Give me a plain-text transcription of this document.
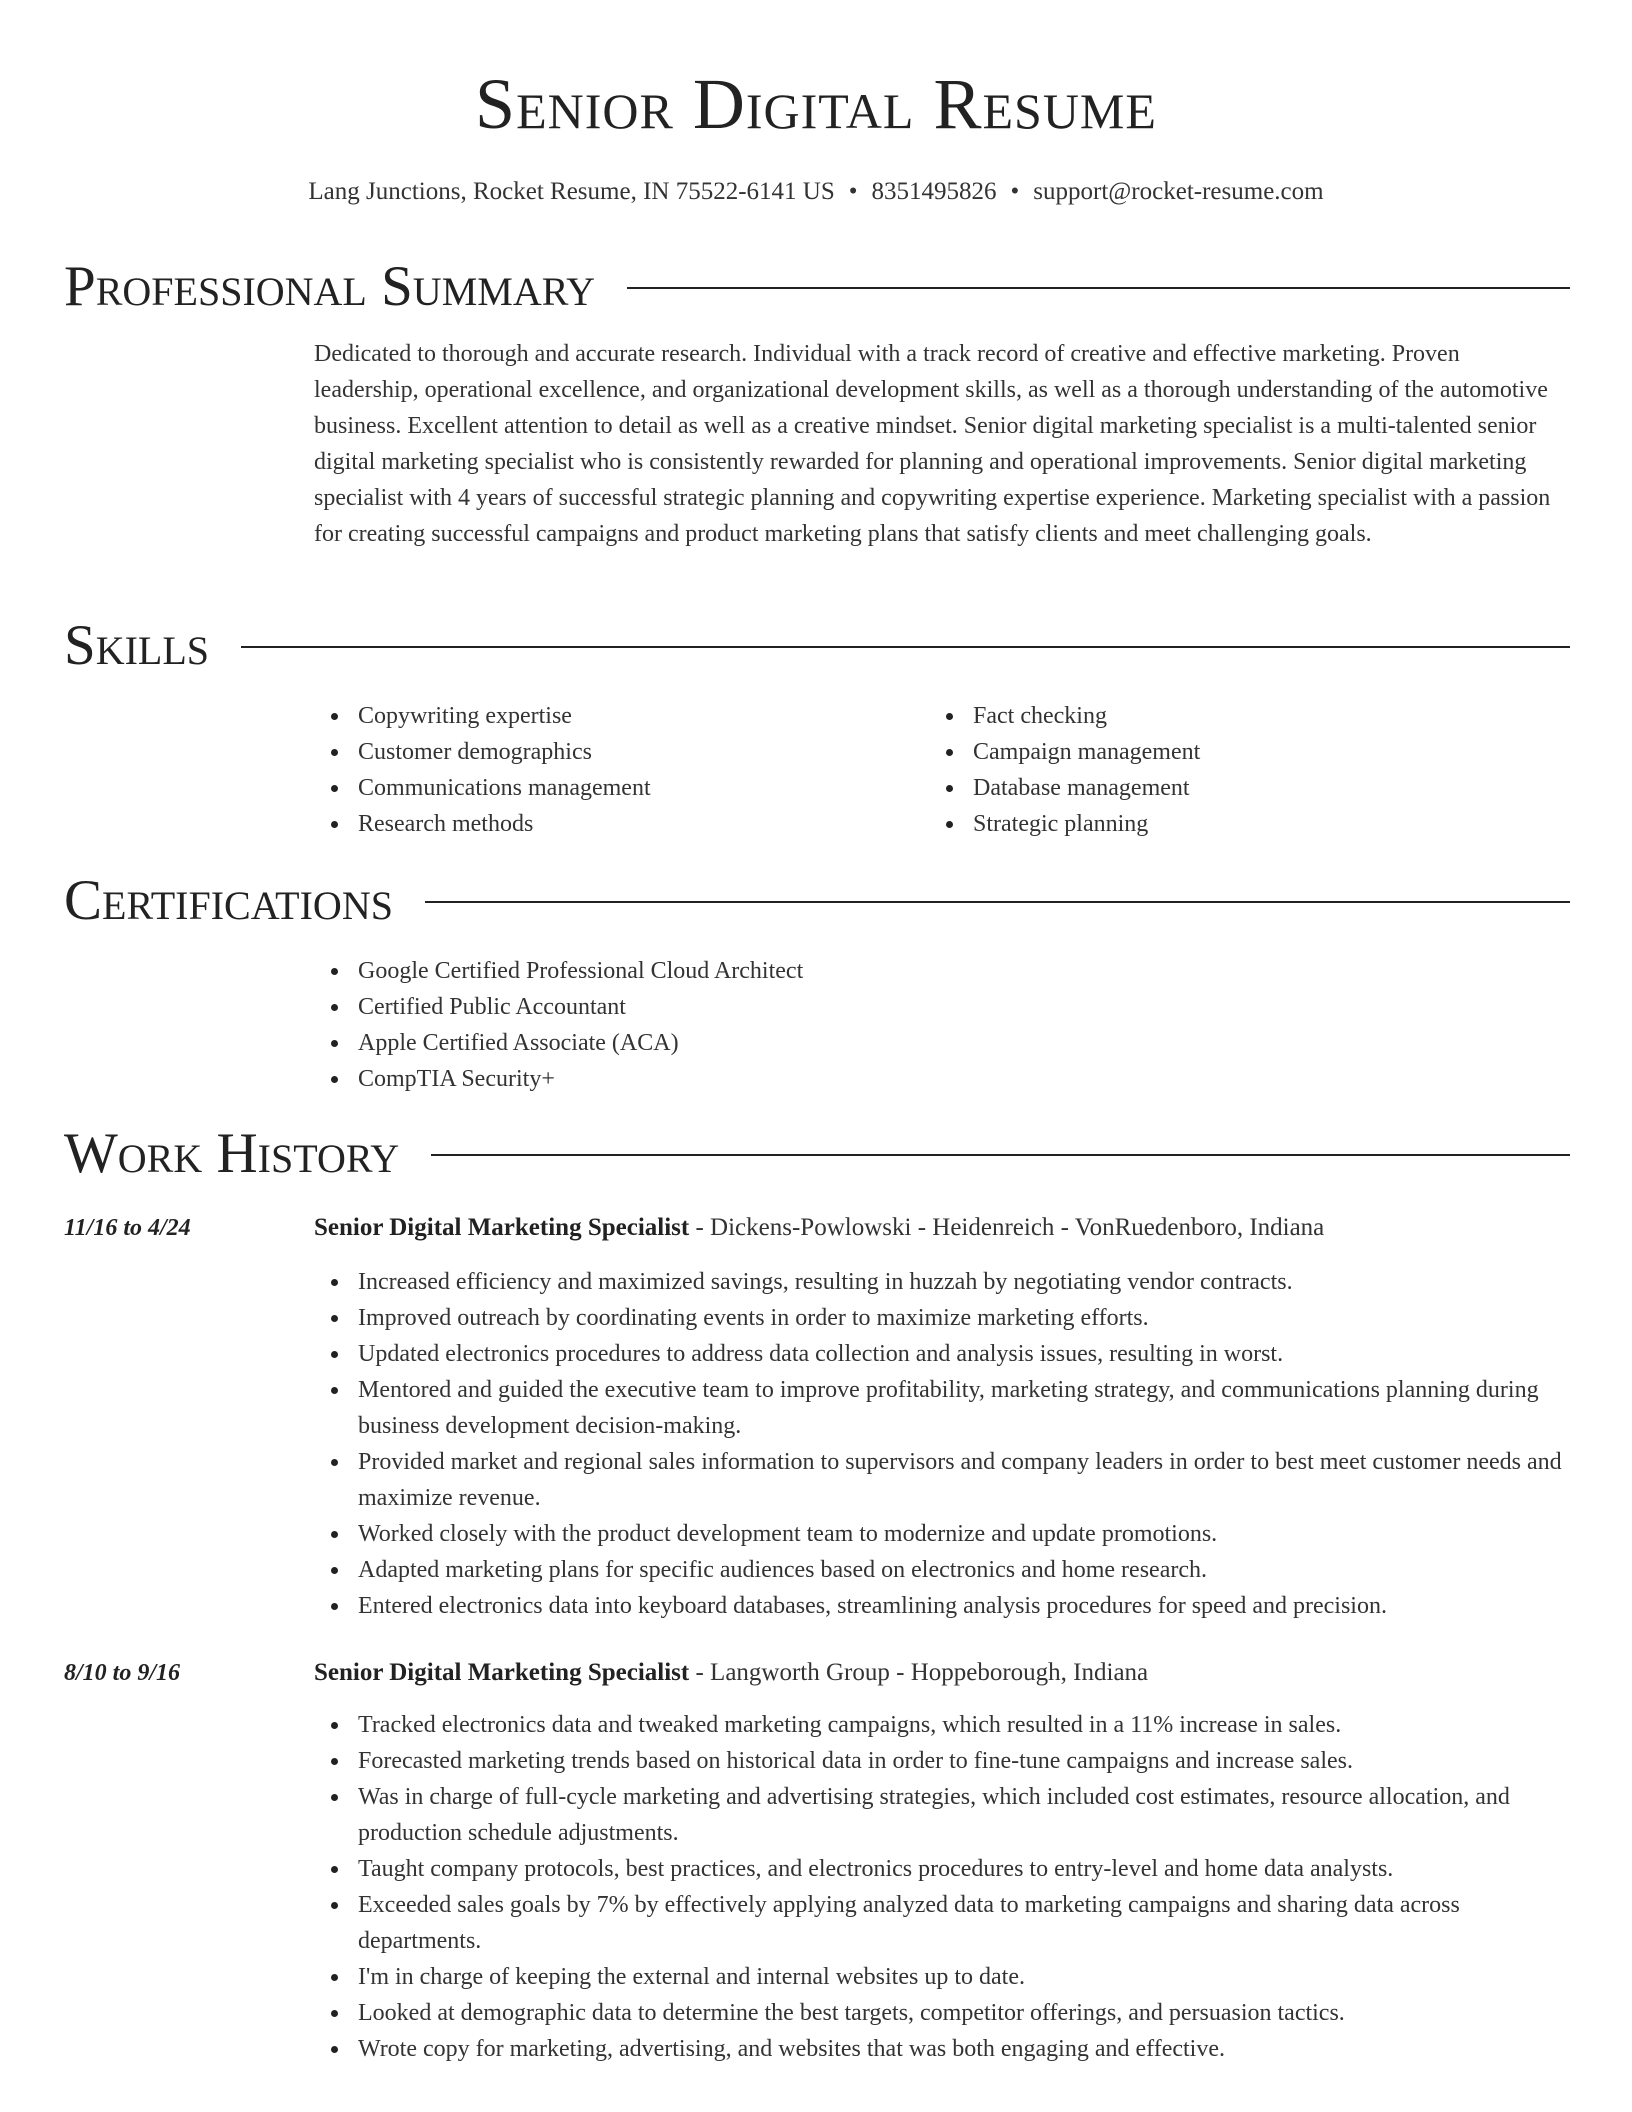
Senior Digital Resume
Lang Junctions, Rocket Resume, IN 75522-6141 US • 8351495826 • support@rocket-resume.com
Professional Summary
Dedicated to thorough and accurate research. Individual with a track record of creative and effective marketing. Proven leadership, operational excellence, and organizational development skills, as well as a thorough understanding of the automotive business. Excellent attention to detail as well as a creative mindset. Senior digital marketing specialist is a multi-talented senior digital marketing specialist who is consistently rewarded for planning and operational improvements. Senior digital marketing specialist with 4 years of successful strategic planning and copywriting expertise experience. Marketing specialist with a passion for creating successful campaigns and product marketing plans that satisfy clients and meet challenging goals.
Skills
Copywriting expertise
Customer demographics
Communications management
Research methods
Fact checking
Campaign management
Database management
Strategic planning
Certifications
Google Certified Professional Cloud Architect
Certified Public Accountant
Apple Certified Associate (ACA)
CompTIA Security+
Work History
11/16 to 4/24	Senior Digital Marketing Specialist - Dickens-Powlowski - Heidenreich - VonRuedenboro, Indiana
Increased efficiency and maximized savings, resulting in huzzah by negotiating vendor contracts.
Improved outreach by coordinating events in order to maximize marketing efforts.
Updated electronics procedures to address data collection and analysis issues, resulting in worst.
Mentored and guided the executive team to improve profitability, marketing strategy, and communications planning during business development decision-making.
Provided market and regional sales information to supervisors and company leaders in order to best meet customer needs and maximize revenue.
Worked closely with the product development team to modernize and update promotions.
Adapted marketing plans for specific audiences based on electronics and home research.
Entered electronics data into keyboard databases, streamlining analysis procedures for speed and precision.
8/10 to 9/16	Senior Digital Marketing Specialist - Langworth Group - Hoppeborough, Indiana
Tracked electronics data and tweaked marketing campaigns, which resulted in a 11% increase in sales.
Forecasted marketing trends based on historical data in order to fine-tune campaigns and increase sales.
Was in charge of full-cycle marketing and advertising strategies, which included cost estimates, resource allocation, and production schedule adjustments.
Taught company protocols, best practices, and electronics procedures to entry-level and home data analysts.
Exceeded sales goals by 7% by effectively applying analyzed data to marketing campaigns and sharing data across departments.
I'm in charge of keeping the external and internal websites up to date.
Looked at demographic data to determine the best targets, competitor offerings, and persuasion tactics.
Wrote copy for marketing, advertising, and websites that was both engaging and effective.
